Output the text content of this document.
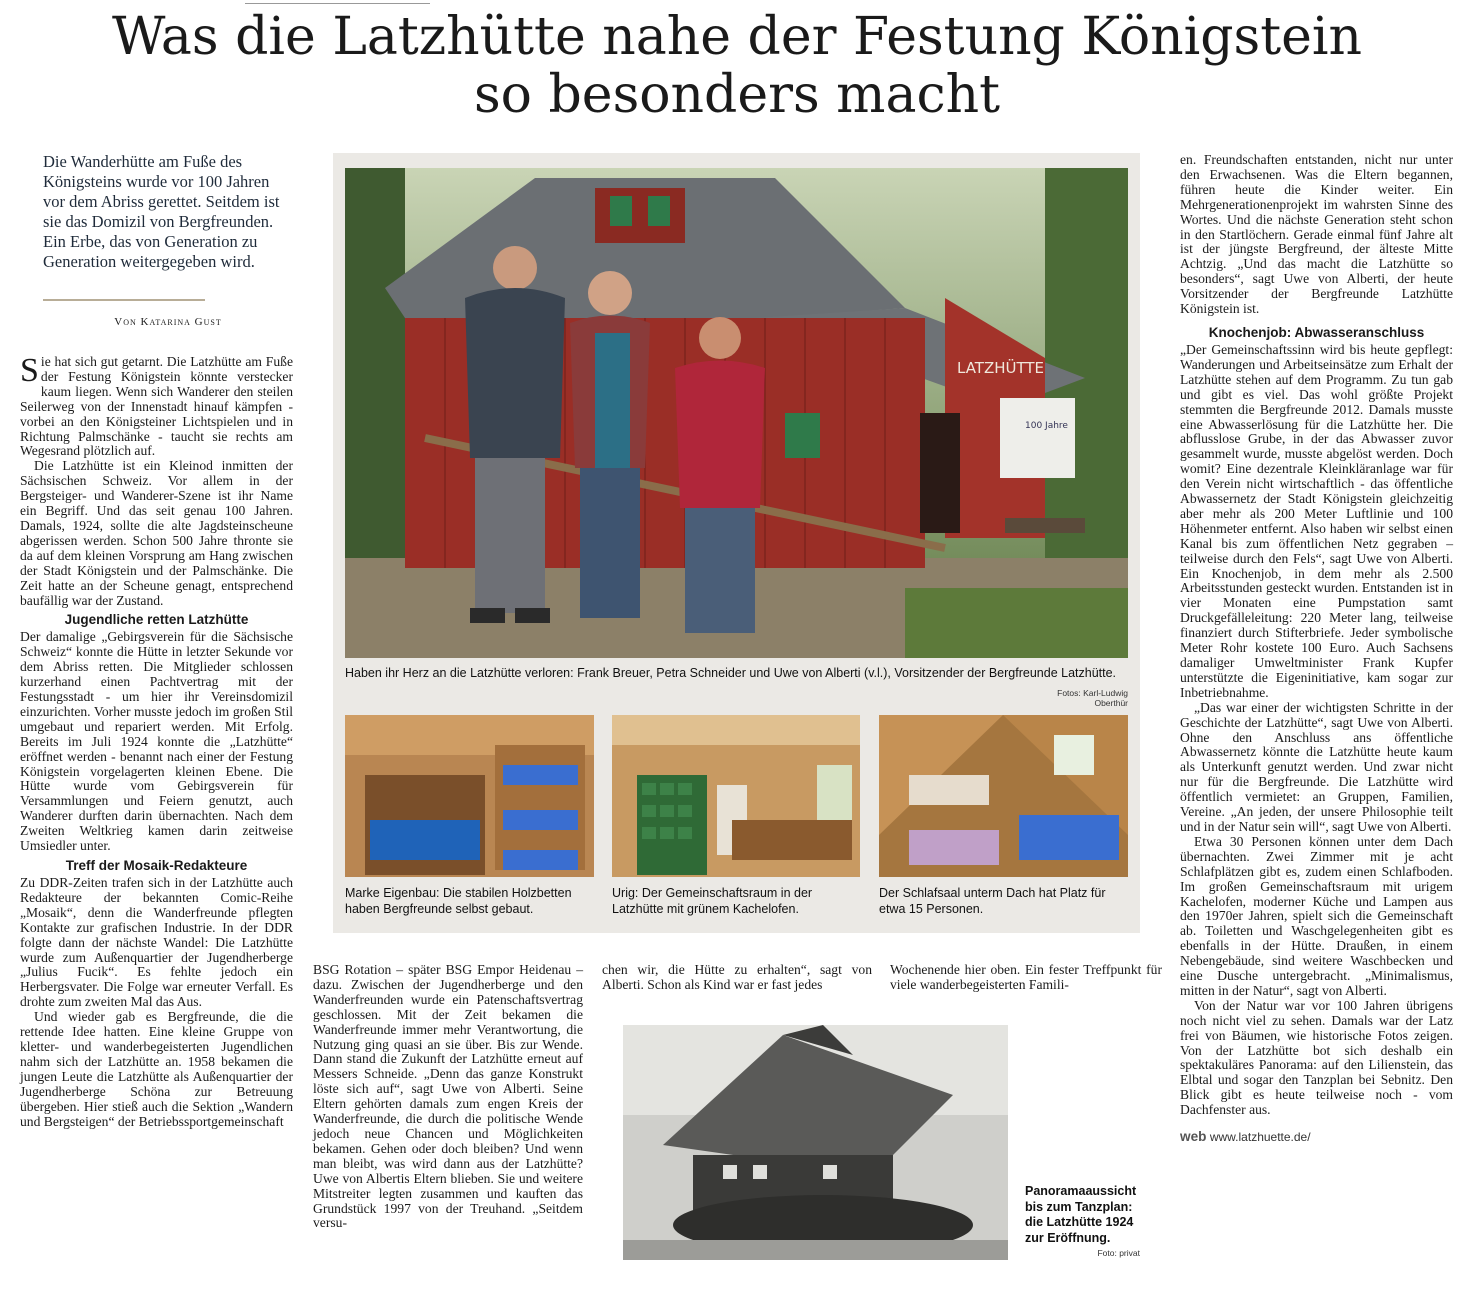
Was die Latzhütte nahe der Festung Königstein
so besonders macht
Die Wanderhütte am Fuße des Königsteins wurde vor 100 Jahren vor dem Abriss gerettet. Seitdem ist sie das Domizil von Bergfreunden. Ein Erbe, das von Generation zu Generation weitergegeben wird.
Von Katarina Gust

Sie hat sich gut getarnt. Die Latzhütte am Fuße der Festung Königstein könnte verstecker kaum liegen. Wenn sich Wanderer den steilen Seilerweg von der Innenstadt hinauf kämpfen - vorbei an den Königsteiner Lichtspielen und in Richtung Palmschänke - taucht sie rechts am Wegesrand plötzlich auf.

Die Latzhütte ist ein Kleinod inmitten der Sächsischen Schweiz. Vor allem in der Bergsteiger- und Wanderer-Szene ist ihr Name ein Begriff. Und das seit genau 100 Jahren. Damals, 1924, sollte die alte Jagdsteinscheune abgerissen werden. Schon 500 Jahre thronte sie da auf dem kleinen Vorsprung am Hang zwischen der Stadt Königstein und der Palmschänke. Die Zeit hatte an der Scheune genagt, entsprechend baufällig war der Zustand.

Jugendliche retten Latzhütte

Der damalige „Gebirgsverein für die Sächsische Schweiz“ konnte die Hütte in letzter Sekunde vor dem Abriss retten. Die Mitglieder schlossen kurzerhand einen Pachtvertrag mit der Festungsstadt - um hier ihr Vereinsdomizil einzurichten. Vorher musste jedoch im großen Stil umgebaut und repariert werden. Mit Erfolg. Bereits im Juli 1924 konnte die „Latzhütte“ eröffnet werden - benannt nach einer der Festung Königstein vorgelagerten kleinen Ebene. Die Hütte wurde vom Gebirgsverein für Versammlungen und Feiern genutzt, auch Wanderer durften darin übernachten. Nach dem Zweiten Weltkrieg kamen darin zeitweise Umsiedler unter.

Treff der Mosaik-Redakteure

Zu DDR-Zeiten trafen sich in der Latzhütte auch Redakteure der bekannten Comic-Reihe „Mosaik“, denn die Wanderfreunde pflegten Kontakte zur grafischen Industrie. In der DDR folgte dann der nächste Wandel: Die Latzhütte wurde zum Außenquartier der Jugendherberge „Julius Fucik“. Es fehlte jedoch ein Herbergsvater. Die Folge war erneuter Verfall. Es drohte zum zweiten Mal das Aus.

Und wieder gab es Bergfreunde, die die rettende Idee hatten. Eine kleine Gruppe von kletter- und wanderbegeisterten Jugendlichen nahm sich der Latzhütte an. 1958 bekamen die jungen Leute die Latzhütte als Außenquartier der Jugendherberge Schöna zur Betreuung übergeben. Hier stieß auch die Sektion „Wandern und Bergsteigen“ der Betriebssportgemeinschaft

LATZHÜTTE
100 Jahre
Haben ihr Herz an die Latzhütte verloren: Frank Breuer, Petra Schneider und Uwe von Alberti (v.l.), Vorsitzender der Bergfreunde Latzhütte.
Fotos: Karl-Ludwig Oberthür
Marke Eigenbau: Die stabilen Holzbetten haben Bergfreunde selbst gebaut.
Urig: Der Gemeinschaftsraum in der Latzhütte mit grünem Kachelofen.
Der Schlafsaal unterm Dach hat Platz für etwa 15 Personen.

BSG Rotation – später BSG Empor Heidenau – dazu. Zwischen der Jugendherberge und den Wanderfreunden wurde ein Patenschaftsvertrag geschlossen. Mit der Zeit bekamen die Wanderfreunde immer mehr Verantwortung, die Nutzung ging quasi an sie über. Bis zur Wende. Dann stand die Zukunft der Latzhütte erneut auf Messers Schneide. „Denn das ganze Konstrukt löste sich auf“, sagt Uwe von Alberti. Seine Eltern gehörten damals zum engen Kreis der Wanderfreunde, die durch die politische Wende jedoch neue Chancen und Möglichkeiten bekamen. Gehen oder doch bleiben? Und wenn man bleibt, was wird dann aus der Latzhütte? Uwe von Albertis Eltern blieben. Sie und weitere Mitstreiter legten zusammen und kauften das Grundstück 1997 von der Treuhand. „Seitdem versu-

chen wir, die Hütte zu erhalten“, sagt von Alberti. Schon als Kind war er fast jedes

Wochenende hier oben. Ein fester Treffpunkt für viele wanderbegeisterten Famili-

Panoramaaussicht bis zum Tanzplan: die Latzhütte 1924 zur Eröffnung.
Foto: privat

en. Freundschaften entstanden, nicht nur unter den Erwachsenen. Was die Eltern begannen, führen heute die Kinder weiter. Ein Mehrgenerationenprojekt im wahrsten Sinne des Wortes. Und die nächste Generation steht schon in den Startlöchern. Gerade einmal fünf Jahre alt ist der jüngste Bergfreund, der älteste Mitte Achtzig. „Und das macht die Latzhütte so besonders“, sagt Uwe von Alberti, der heute Vorsitzender der Bergfreunde Latzhütte Königstein ist.

Knochenjob: Abwasseranschluss

„Der Gemeinschaftssinn wird bis heute gepflegt: Wanderungen und Arbeitseinsätze zum Erhalt der Latzhütte stehen auf dem Programm. Zu tun gab und gibt es viel. Das wohl größte Projekt stemmten die Bergfreunde 2012. Damals musste eine Abwasserlösung für die Latzhütte her. Die abflusslose Grube, in der das Abwasser zuvor gesammelt wurde, musste abgelöst werden. Doch womit? Eine dezentrale Kleinkläranlage war für den Verein nicht wirtschaftlich - das öffentliche Abwassernetz der Stadt Königstein gleichzeitig aber mehr als 200 Meter Luftlinie und 100 Höhenmeter entfernt. Also haben wir selbst einen Kanal bis zum öffentlichen Netz gegraben – teilweise durch den Fels“, sagt Uwe von Alberti. Ein Knochenjob, in dem mehr als 2.500 Arbeitsstunden gesteckt wurden. Entstanden ist in vier Monaten eine Pumpstation samt Druckgefälleleitung: 220 Meter lang, teilweise finanziert durch Stifterbriefe. Jeder symbolische Meter Rohr kostete 100 Euro. Auch Sachsens damaliger Umweltminister Frank Kupfer unterstützte die Eigeninitiative, kam sogar zur Inbetriebnahme.

„Das war einer der wichtigsten Schritte in der Geschichte der Latzhütte“, sagt Uwe von Alberti. Ohne den Anschluss ans öffentliche Abwassernetz könnte die Latzhütte heute kaum als Unterkunft genutzt werden. Und zwar nicht nur für die Bergfreunde. Die Latzhütte wird öffentlich vermietet: an Gruppen, Familien, Vereine. „An jeden, der unsere Philosophie teilt und in der Natur sein will“, sagt Uwe von Alberti.

Etwa 30 Personen können unter dem Dach übernachten. Zwei Zimmer mit je acht Schlafplätzen gibt es, zudem einen Schlafboden. Im großen Gemeinschaftsraum mit urigem Kachelofen, moderner Küche und Lampen aus den 1970er Jahren, spielt sich die Gemeinschaft ab. Toiletten und Waschgelegenheiten gibt es ebenfalls in der Hütte. Draußen, in einem Nebengebäude, sind weitere Waschbecken und eine Dusche untergebracht. „Minimalismus, mitten in der Natur“, sagt von Alberti.

Von der Natur war vor 100 Jahren übrigens noch nicht viel zu sehen. Damals war der Latz frei von Bäumen, wie historische Fotos zeigen. Von der Latzhütte bot sich deshalb ein spektakuläres Panorama: auf den Lilienstein, das Elbtal und sogar den Tanzplan bei Sebnitz. Den Blick gibt es heute teilweise noch - vom Dachfenster aus.

web www.latzhuette.de/
